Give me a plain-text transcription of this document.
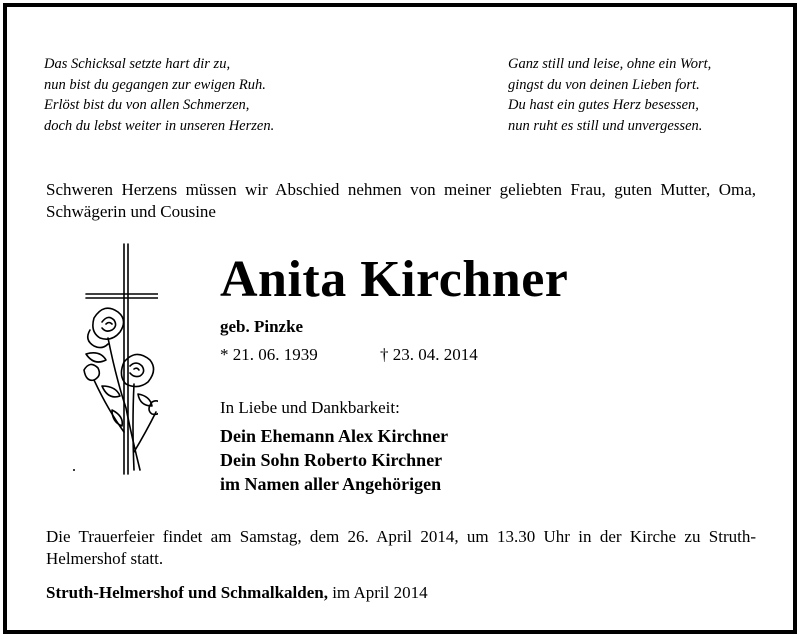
Das Schicksal setzte hart dir zu,
nun bist du gegangen zur ewigen Ruh.
Erlöst bist du von allen Schmerzen,
doch du lebst weiter in unseren Herzen.
Ganz still und leise, ohne ein Wort,
gingst du von deinen Lieben fort.
Du hast ein gutes Herz besessen,
nun ruht es still und unvergessen.
Schweren Herzens müssen wir Abschied nehmen von meiner geliebten Frau, guten Mutter, Oma, Schwägerin und Cousine
Anita Kirchner
geb. Pinzke
* 21. 06. 1939	† 23. 04. 2014
In Liebe und Dankbarkeit:
Dein Ehemann Alex Kirchner
Dein Sohn Roberto Kirchner
im Namen aller Angehörigen
Die Trauerfeier findet am Samstag, dem 26. April 2014, um 13.30 Uhr in der Kirche zu Struth-Helmershof statt.
Struth-Helmershof und Schmalkalden, im April 2014
